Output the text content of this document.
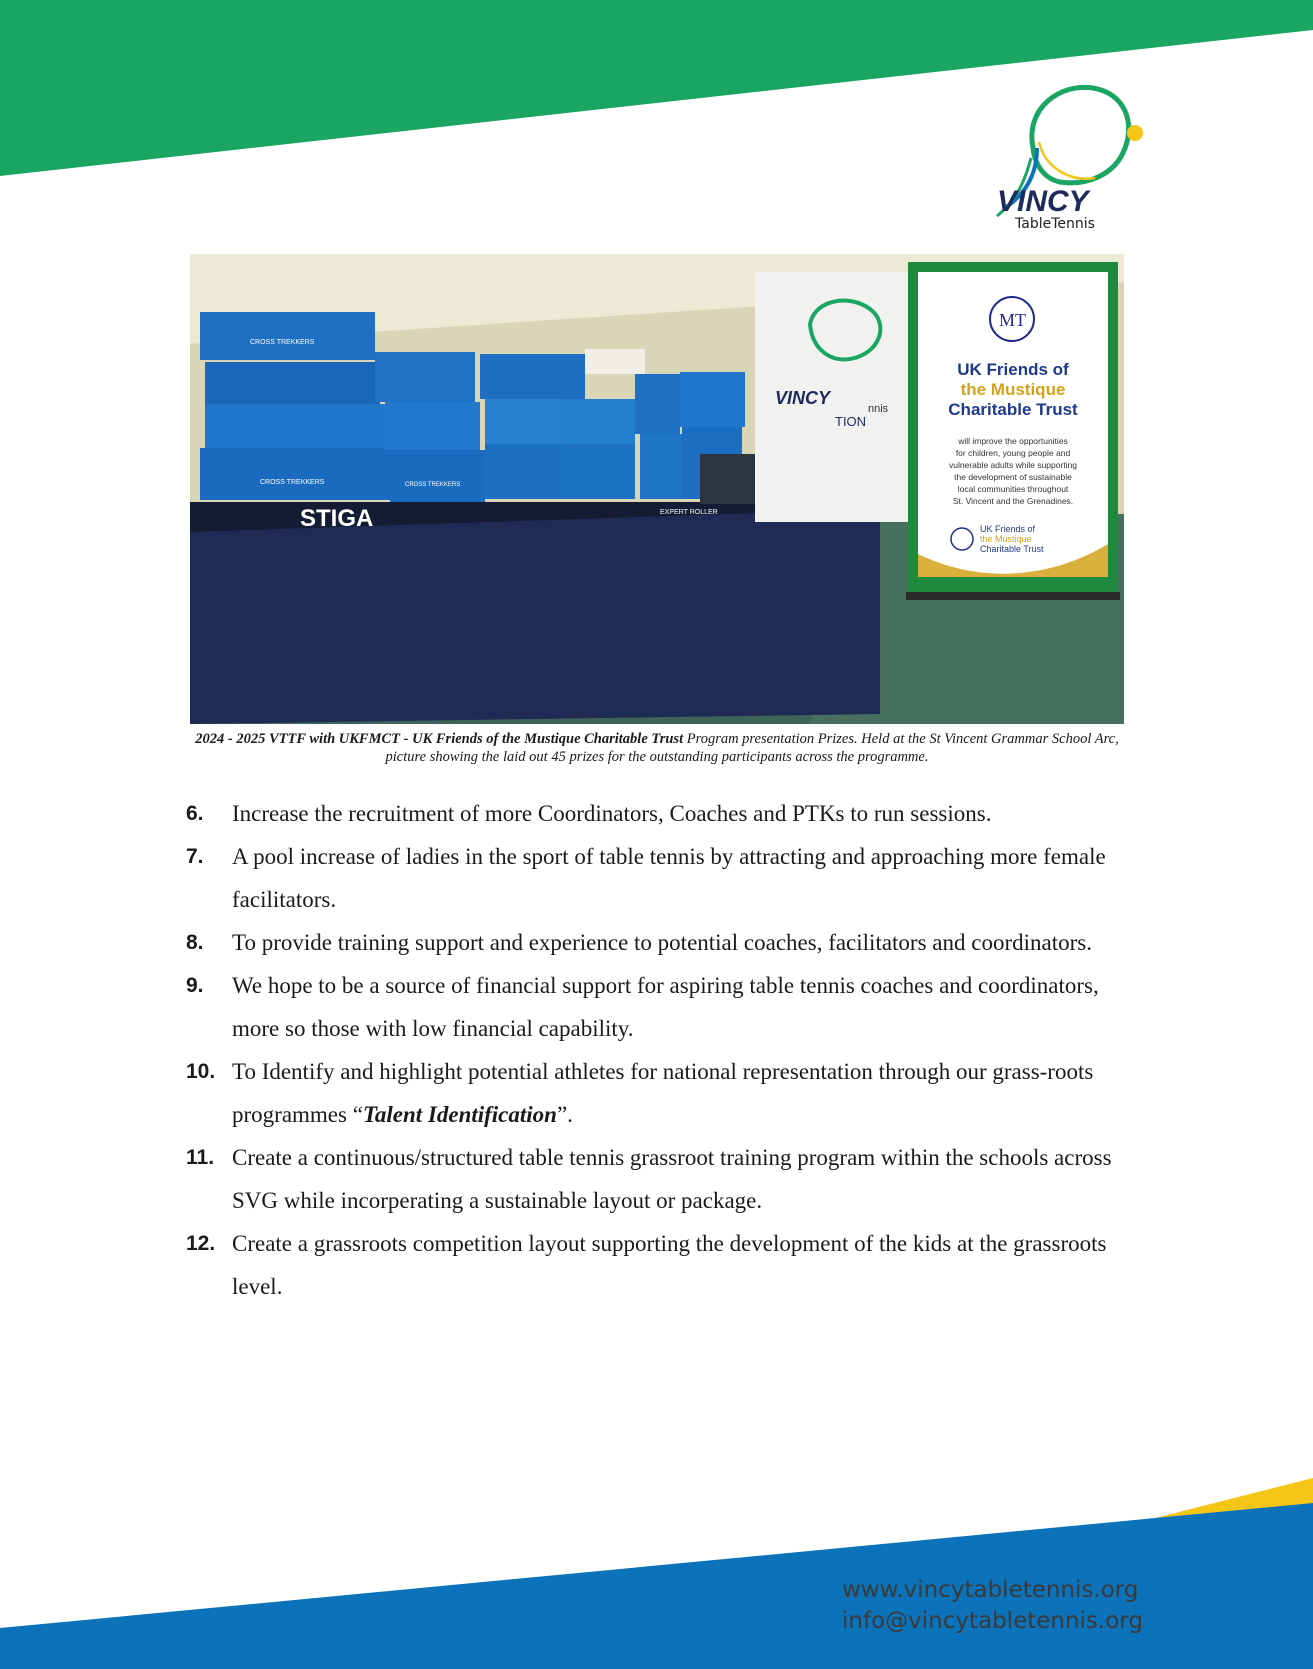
VINCY
TableTennis
CROSS TREKKERS
CROSS TREKKERS	CROSS TREKKERS
STIGA	EXPERT ROLLER
VINCY
nnis
TION
MT
UK Friends of
the Mustique
Charitable Trust
will improve the opportunities
for children, young people and
vulnerable adults while supporting
the development of sustainable
local communities throughout
St. Vincent and the Grenadines.
UK Friends of
the Mustique
Charitable Trust
2024 - 2025 VTTF with UKFMCT - UK Friends of the Mustique Charitable Trust Program presentation Prizes. Held at the St Vincent Grammar School Arc, picture showing the laid out 45 prizes for the outstanding participants across the programme.
6. Increase the recruitment of more Coordinators, Coaches and PTKs to run sessions.
7. A pool increase of ladies in the sport of table tennis by attracting and approaching more female facilitators.
8. To provide training support and experience to potential coaches, facilitators and coordinators.
9. We hope to be a source of financial support for aspiring table tennis coaches and coordinators, more so those with low financial capability.
10. To Identify and highlight potential athletes for national representation through our grass-roots programmes “Talent Identification”.
11. Create a continuous/structured table tennis grassroot training program within the schools across SVG while incorperating a sustainable layout or package.
12. Create a grassroots competition layout supporting the development of the kids at the grassroots level.
www.vincytabletennis.org
info@vincytabletennis.org
